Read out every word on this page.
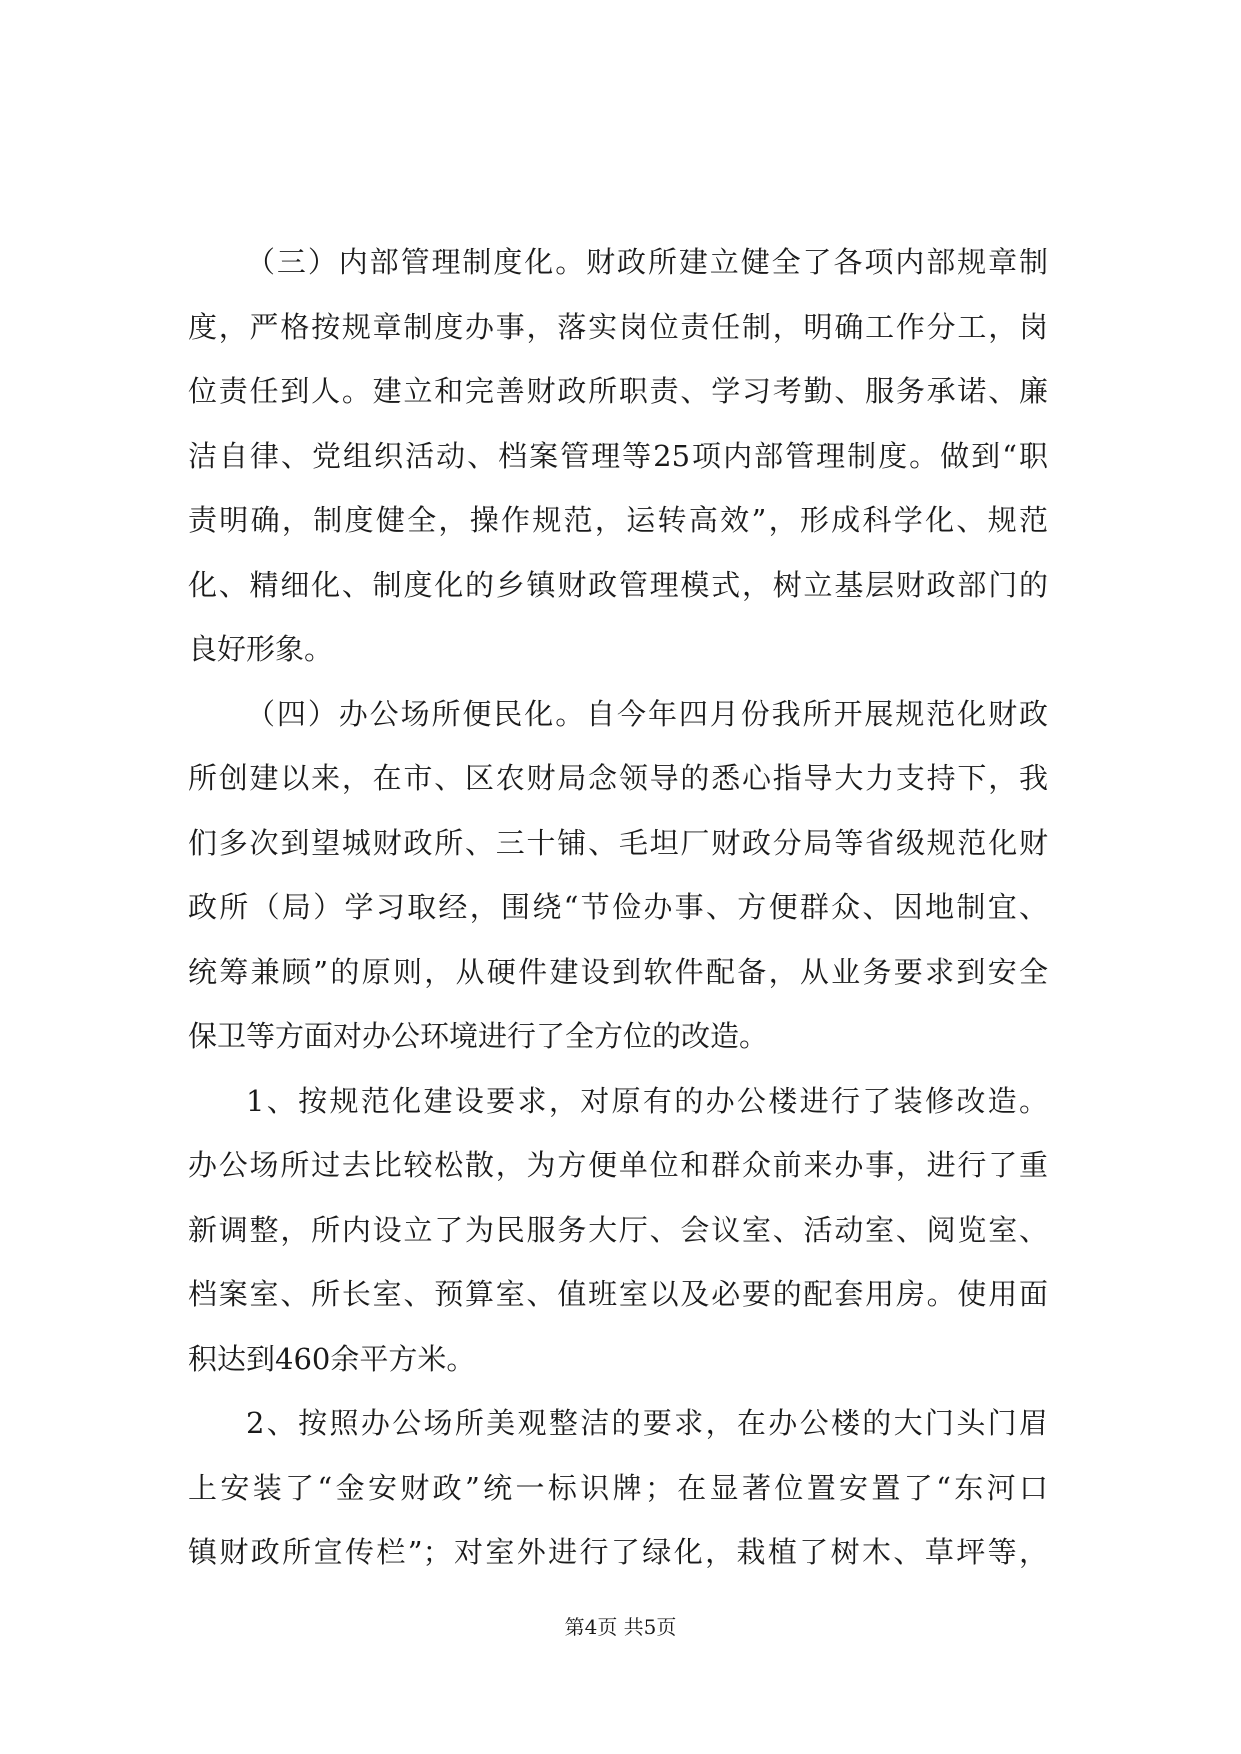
（三）内部管理制度化。财政所建立健全了各项内部规章制
度，严格按规章制度办事，落实岗位责任制，明确工作分工，岗
位责任到人。建立和完善财政所职责、学习考勤、服务承诺、廉
洁自律、党组织活动、档案管理等25项内部管理制度。做到“职
责明确，制度健全，操作规范，运转高效”，形成科学化、规范
化、精细化、制度化的乡镇财政管理模式，树立基层财政部门的
良好形象。
（四）办公场所便民化。自今年四月份我所开展规范化财政
所创建以来，在市、区农财局念领导的悉心指导大力支持下，我
们多次到望城财政所、三十铺、毛坦厂财政分局等省级规范化财
政所（局）学习取经，围绕“节俭办事、方便群众、因地制宜、
统筹兼顾”的原则，从硬件建设到软件配备，从业务要求到安全
保卫等方面对办公环境进行了全方位的改造。
1、按规范化建设要求，对原有的办公楼进行了装修改造。
办公场所过去比较松散，为方便单位和群众前来办事，进行了重
新调整，所内设立了为民服务大厅、会议室、活动室、阅览室、
档案室、所长室、预算室、值班室以及必要的配套用房。使用面
积达到460余平方米。
2、按照办公场所美观整洁的要求，在办公楼的大门头门眉
上安装了“金安财政”统一标识牌；在显著位置安置了“东河口
镇财政所宣传栏”；对室外进行了绿化，栽植了树木、草坪等，
第4页 共5页
